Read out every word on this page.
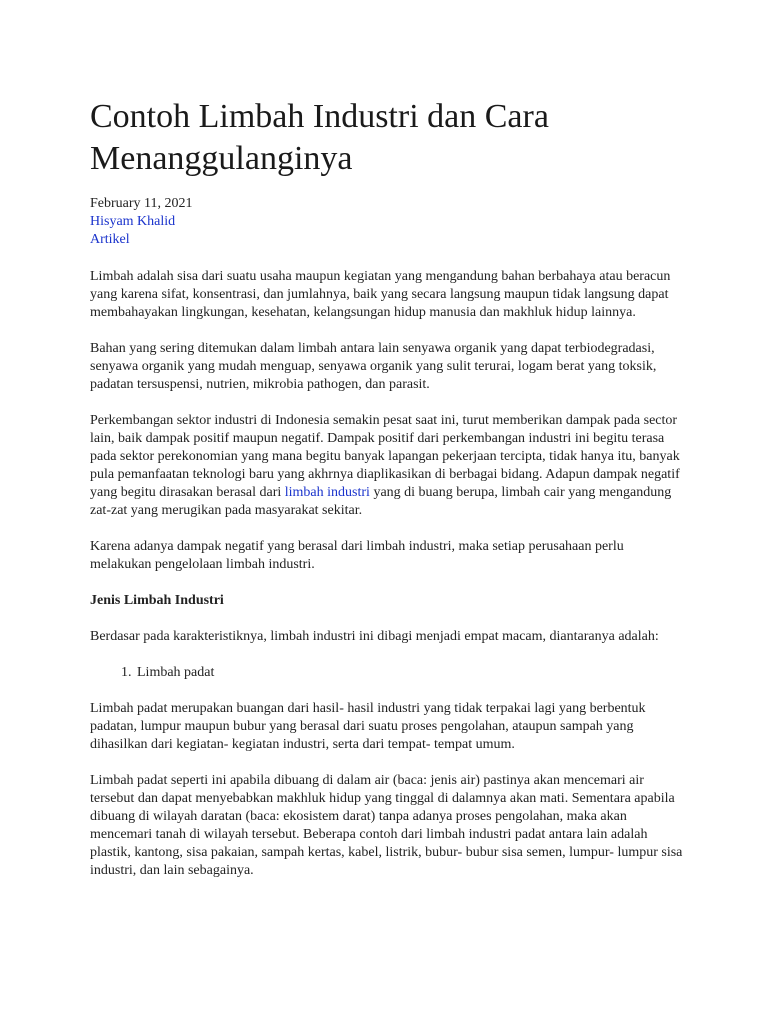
Contoh Limbah Industri dan Cara Menanggulanginya
February 11, 2021
Hisyam Khalid
Artikel

Limbah adalah sisa dari suatu usaha maupun kegiatan yang mengandung bahan berbahaya atau beracun yang karena sifat, konsentrasi, dan jumlahnya, baik yang secara langsung maupun tidak langsung dapat membahayakan lingkungan, kesehatan, kelangsungan hidup manusia dan makhluk hidup lainnya.

Bahan yang sering ditemukan dalam limbah antara lain senyawa organik yang dapat terbiodegradasi, senyawa organik yang mudah menguap, senyawa organik yang sulit terurai, logam berat yang toksik, padatan tersuspensi, nutrien, mikrobia pathogen, dan parasit.

Perkembangan sektor industri di Indonesia semakin pesat saat ini, turut memberikan dampak pada sector lain, baik dampak positif maupun negatif. Dampak positif dari perkembangan industri ini begitu terasa pada sektor perekonomian yang mana begitu banyak lapangan pekerjaan tercipta, tidak hanya itu, banyak pula pemanfaatan teknologi baru yang akhrnya diaplikasikan di berbagai bidang. Adapun dampak negatif yang begitu dirasakan berasal dari limbah industri yang di buang berupa, limbah cair yang mengandung zat-zat yang merugikan pada masyarakat sekitar.

Karena adanya dampak negatif yang berasal dari limbah industri, maka setiap perusahaan perlu melakukan pengelolaan limbah industri.

Jenis Limbah Industri

Berdasar pada karakteristiknya, limbah industri ini dibagi menjadi empat macam, diantaranya adalah:

1. Limbah padat

Limbah padat merupakan buangan dari hasil- hasil industri yang tidak terpakai lagi yang berbentuk padatan, lumpur maupun bubur yang berasal dari suatu proses pengolahan, ataupun sampah yang dihasilkan dari kegiatan- kegiatan industri, serta dari tempat- tempat umum.

Limbah padat seperti ini apabila dibuang di dalam air (baca: jenis air) pastinya akan mencemari air tersebut dan dapat menyebabkan makhluk hidup yang tinggal di dalamnya akan mati. Sementara apabila dibuang di wilayah daratan (baca: ekosistem darat) tanpa adanya proses pengolahan, maka akan mencemari tanah di wilayah tersebut. Beberapa contoh dari limbah industri padat antara lain adalah plastik, kantong, sisa pakaian, sampah kertas, kabel, listrik, bubur- bubur sisa semen, lumpur- lumpur sisa industri, dan lain sebagainya.
